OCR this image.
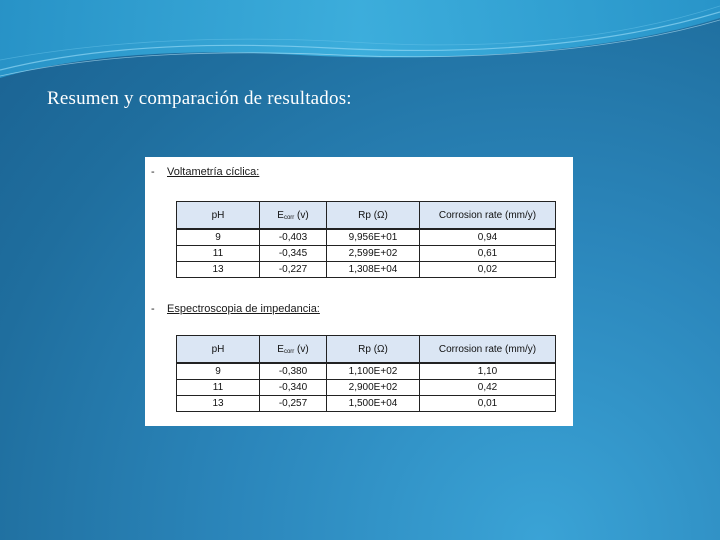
Resumen y comparación de resultados:
- Voltametría cíclica:
pH	Ecorr (v)	Rp (Ω)	Corrosion rate (mm/y)
9	-0,403	9,956E+01	0,94
11	-0,345	2,599E+02	0,61
13	-0,227	1,308E+04	0,02
- Espectroscopia de impedancia:
pH	Ecorr (v)	Rp (Ω)	Corrosion rate (mm/y)
9	-0,380	1,100E+02	1,10
11	-0,340	2,900E+02	0,42
13	-0,257	1,500E+04	0,01
